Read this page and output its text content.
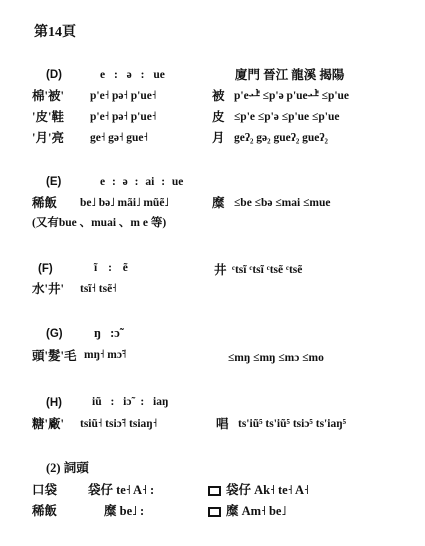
第14頁
(D)	e : ə : ue	廈門 晉江 龍溪 揭陽
棉'被' p'e˧ pə˧ p'ue˧	被 p'eᅸ ≤p'ə p'ueᅸ ≤p'ue
'皮'鞋 p'e˧ pə˧ p'ue˧	皮 ≤p'e ≤p'ə ≤p'ue ≤p'ue
'月'亮 ge˧ gə˧ gue˧	月 geʔ₂ gə₂ gueʔ₂ gueʔ₂
(E)	e : ə : ai : ue
稀飯 be˩ bə˩ mãi˩ mũẽ˩	糜 ≤be ≤bə ≤mai ≤mue
(又有bue 、muai 、m e 等)
(F)	ĩ : ẽ	井 ᶜtsĩ ᶜtsĩ ᶜtsẽ ᶜtsẽ
水'井' tsĩ˧ tsẽ˧
(G)	ŋ :ɔ̃
頭'髮'毛 mŋ˧ mɔ̃˧	≤mŋ ≤mŋ ≤mɔ ≤mo
(H)	iũ : iɔ̃ : iaŋ
糖'廠' tsiũ˧ tsiɔ̃˧ tsiaŋ˧	唱 ts'iũ⁵ ts'iũ⁵ tsiɔ⁵ ts'iaŋ⁵
(2) 詞頭
口袋 袋仔 te˧ A˧ :	袋仔 Ak˧ te˧ A˧
稀飯	糜 be˩ :	糜 Am˧ be˩
